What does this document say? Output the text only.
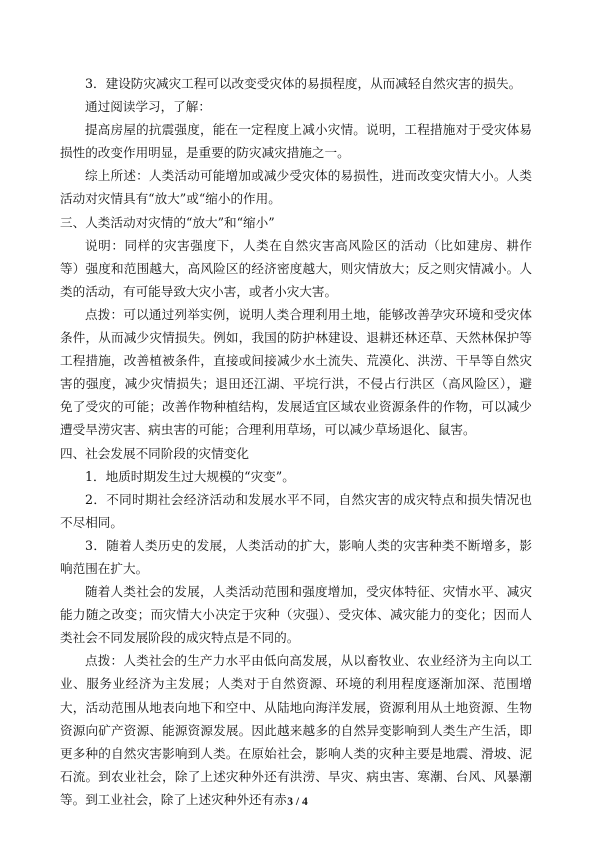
3．建设防灾减灾工程可以改变受灾体的易损程度，从而减轻自然灾害的损失。

通过阅读学习，了解：

提高房屋的抗震强度，能在一定程度上减小灾情。说明，工程措施对于受灾体易损性的改变作用明显，是重要的防灾减灾措施之一。

综上所述：人类活动可能增加或减少受灾体的易损性，进而改变灾情大小。人类活动对灾情具有“放大”或“缩小的作用。

三、人类活动对灾情的“放大”和“缩小”

说明：同样的灾害强度下，人类在自然灾害高风险区的活动（比如建房、耕作等）强度和范围越大，高风险区的经济密度越大，则灾情放大；反之则灾情减小。人类的活动，有可能导致大灾小害，或者小灾大害。

点拨：可以通过列举实例，说明人类合理利用土地，能够改善孕灾环境和受灾体条件，从而减少灾情损失。例如，我国的防护林建设、退耕还林还草、天然林保护等工程措施，改善植被条件，直接或间接减少水土流失、荒漠化、洪涝、干旱等自然灾害的强度，减少灾情损失；退田还江湖、平垸行洪，不侵占行洪区（高风险区），避免了受灾的可能；改善作物种植结构，发展适宜区域农业资源条件的作物，可以减少遭受旱涝灾害、病虫害的可能；合理利用草场，可以减少草场退化、鼠害。

四、社会发展不同阶段的灾情变化

1．地质时期发生过大规模的“灾变”。

2．不同时期社会经济活动和发展水平不同，自然灾害的成灾特点和损失情况也不尽相同。

3．随着人类历史的发展，人类活动的扩大，影响人类的灾害种类不断增多，影响范围在扩大。

随着人类社会的发展，人类活动范围和强度增加，受灾体特征、灾情水平、减灾能力随之改变；而灾情大小决定于灾种（灾强）、受灾体、减灾能力的变化；因而人类社会不同发展阶段的成灾特点是不同的。

点拨：人类社会的生产力水平由低向高发展，从以畜牧业、农业经济为主向以工业、服务业经济为主发展；人类对于自然资源、环境的利用程度逐渐加深、范围增大，活动范围从地表向地下和空中、从陆地向海洋发展，资源利用从土地资源、生物资源向矿产资源、能源资源发展。因此越来越多的自然异变影响到人类生产生活，即更多种的自然灾害影响到人类。在原始社会，影响人类的灾种主要是地震、滑坡、泥石流。到农业社会，除了上述灾种外还有洪涝、旱灾、病虫害、寒潮、台风、风暴潮等。到工业社会，除了上述灾种外还有赤 3 / 4
